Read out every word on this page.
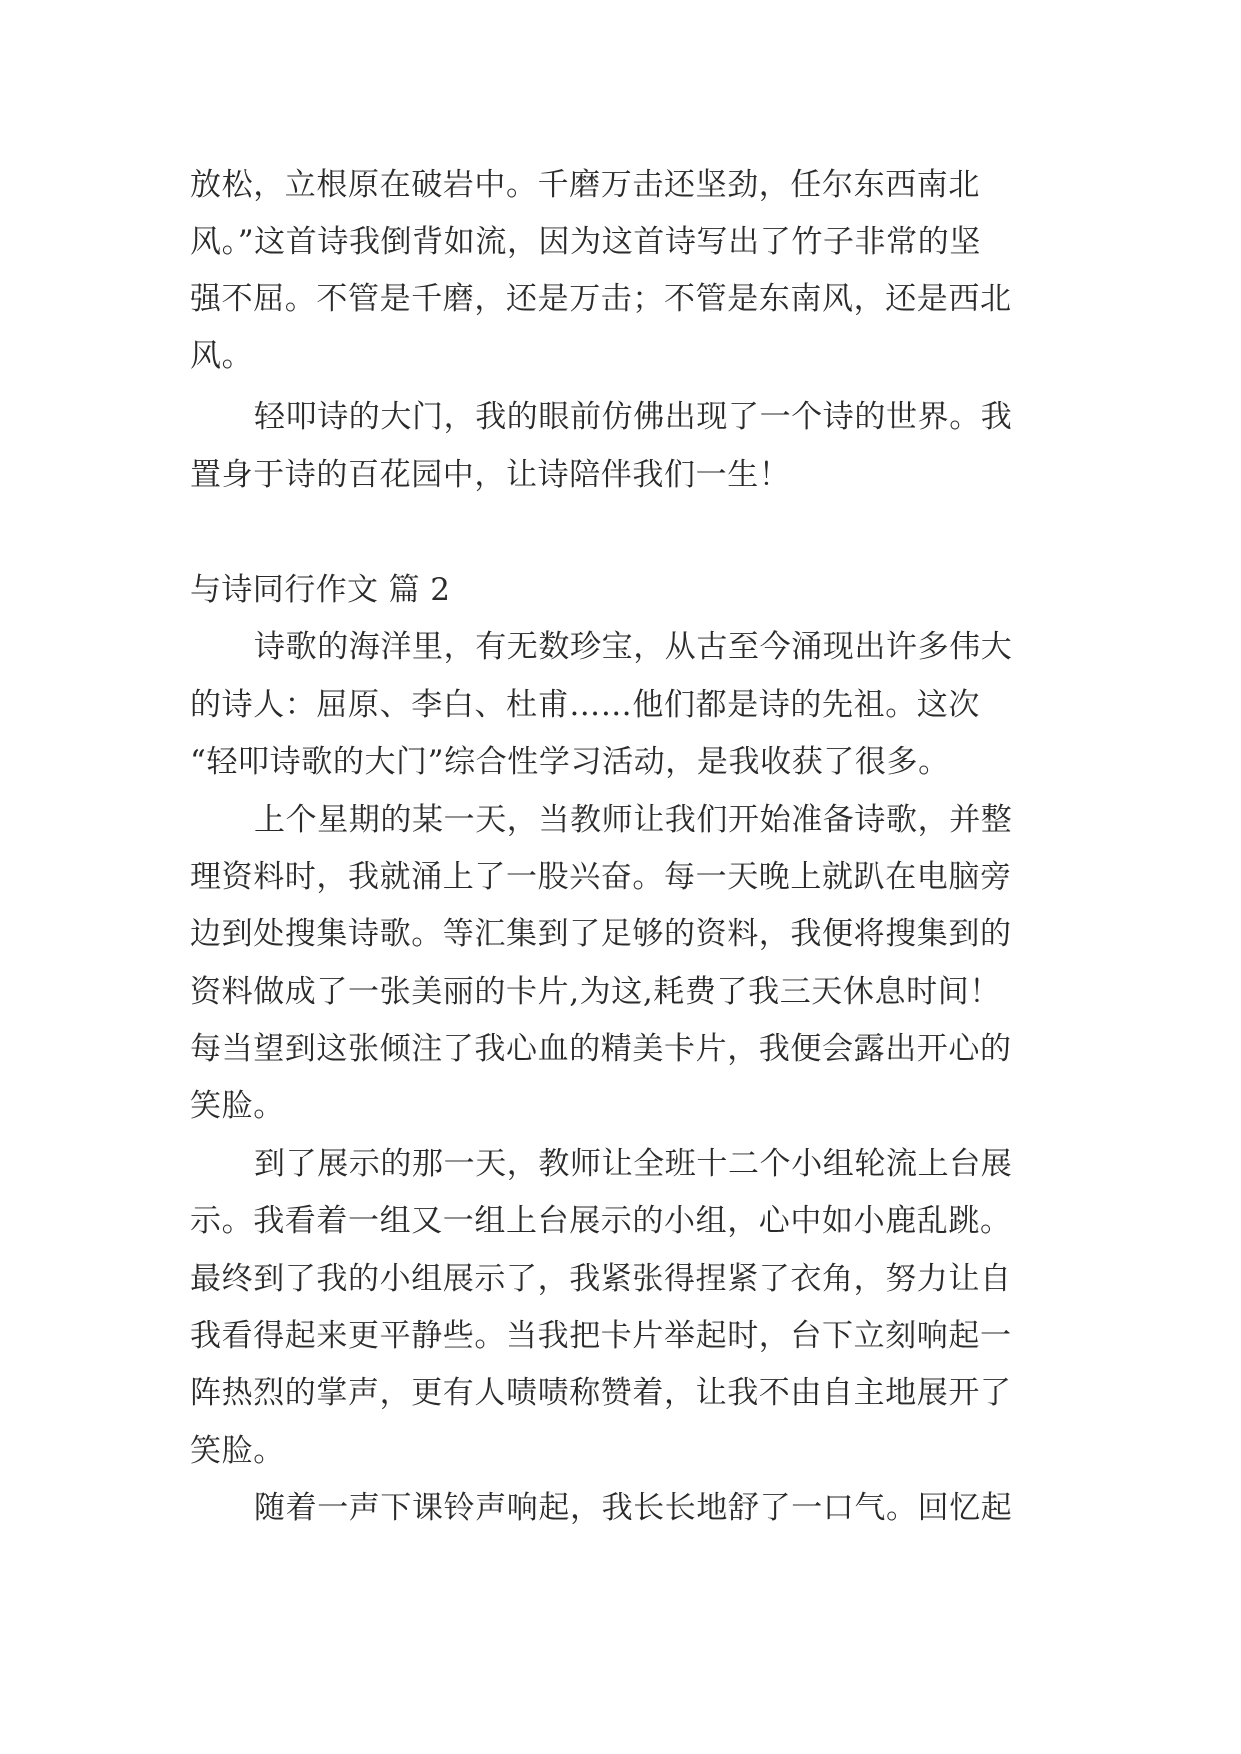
放松，立根原在破岩中。千磨万击还坚劲，任尔东西南北
风。”这首诗我倒背如流，因为这首诗写出了竹子非常的坚
强不屈。不管是千磨，还是万击；不管是东南风，还是西北
风。
轻叩诗的大门，我的眼前仿佛出现了一个诗的世界。我
置身于诗的百花园中，让诗陪伴我们一生！
与诗同行作文 篇 2
诗歌的海洋里，有无数珍宝，从古至今涌现出许多伟大
的诗人：屈原、李白、杜甫……他们都是诗的先祖。这次
“轻叩诗歌的大门”综合性学习活动，是我收获了很多。
上个星期的某一天，当教师让我们开始准备诗歌，并整
理资料时，我就涌上了一股兴奋。每一天晚上就趴在电脑旁
边到处搜集诗歌。等汇集到了足够的资料，我便将搜集到的
资料做成了一张美丽的卡片,为这,耗费了我三天休息时间！
每当望到这张倾注了我心血的精美卡片，我便会露出开心的
笑脸。
到了展示的那一天，教师让全班十二个小组轮流上台展
示。我看着一组又一组上台展示的小组，心中如小鹿乱跳。
最终到了我的小组展示了，我紧张得捏紧了衣角，努力让自
我看得起来更平静些。当我把卡片举起时，台下立刻响起一
阵热烈的掌声，更有人啧啧称赞着，让我不由自主地展开了
笑脸。
随着一声下课铃声响起，我长长地舒了一口气。回忆起
